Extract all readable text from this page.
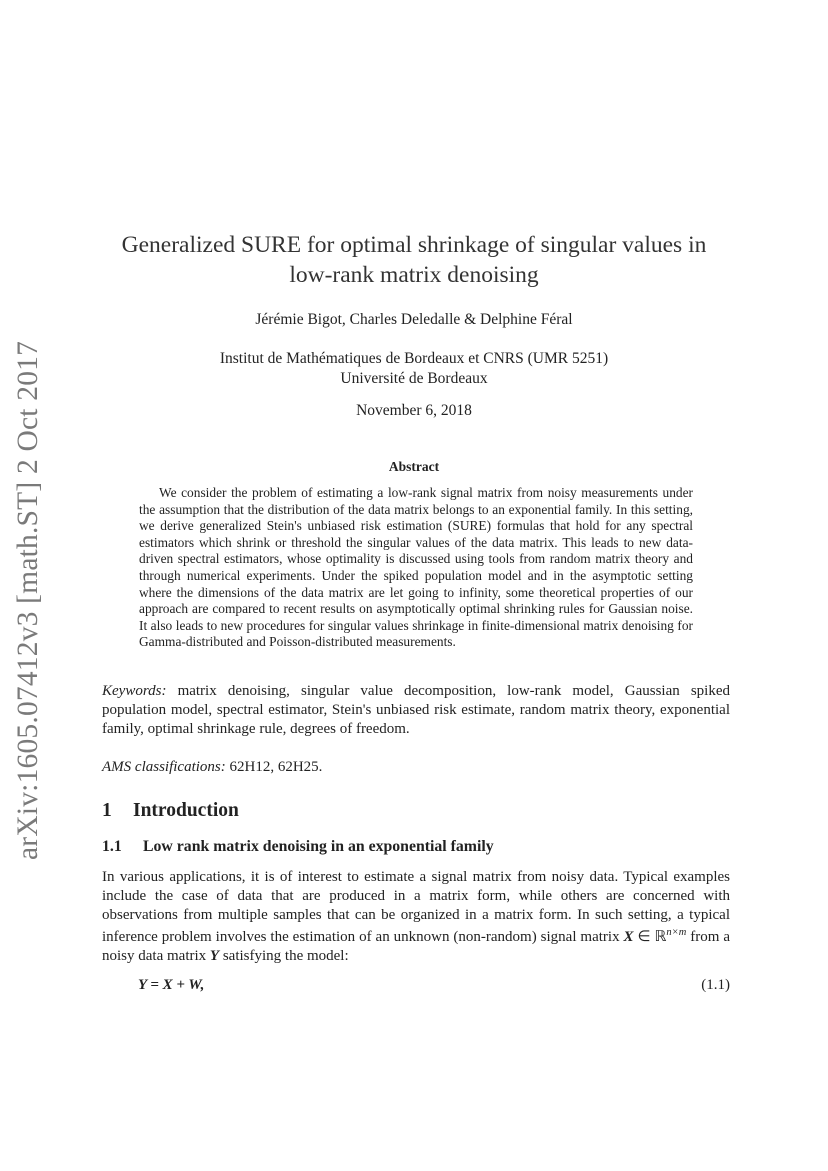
arXiv:1605.07412v3 [math.ST] 2 Oct 2017
Generalized SURE for optimal shrinkage of singular values in
low-rank matrix denoising
Jérémie Bigot, Charles Deledalle & Delphine Féral
Institut de Mathématiques de Bordeaux et CNRS (UMR 5251)
Université de Bordeaux
November 6, 2018
Abstract
We consider the problem of estimating a low-rank signal matrix from noisy measurements under the assumption that the distribution of the data matrix belongs to an exponential family. In this setting, we derive generalized Stein's unbiased risk estimation (SURE) formulas that hold for any spectral estimators which shrink or threshold the singular values of the data matrix. This leads to new data-driven spectral estimators, whose optimality is discussed using tools from random matrix theory and through numerical experiments. Under the spiked population model and in the asymptotic setting where the dimensions of the data matrix are let going to infinity, some theoretical properties of our approach are compared to recent results on asymptotically optimal shrinking rules for Gaussian noise. It also leads to new procedures for singular values shrinkage in finite-dimensional matrix denoising for Gamma-distributed and Poisson-distributed measurements.
Keywords: matrix denoising, singular value decomposition, low-rank model, Gaussian spiked population model, spectral estimator, Stein's unbiased risk estimate, random matrix theory, exponential family, optimal shrinkage rule, degrees of freedom.
AMS classifications: 62H12, 62H25.
1 Introduction
1.1 Low rank matrix denoising in an exponential family
In various applications, it is of interest to estimate a signal matrix from noisy data. Typical examples include the case of data that are produced in a matrix form, while others are concerned with observations from multiple samples that can be organized in a matrix form. In such setting, a typical inference problem involves the estimation of an unknown (non-random) signal matrix X ∈ ℝ$^{n\times m}$ from a noisy data matrix Y satisfying the model:
Y = X + W,	(1.1)
